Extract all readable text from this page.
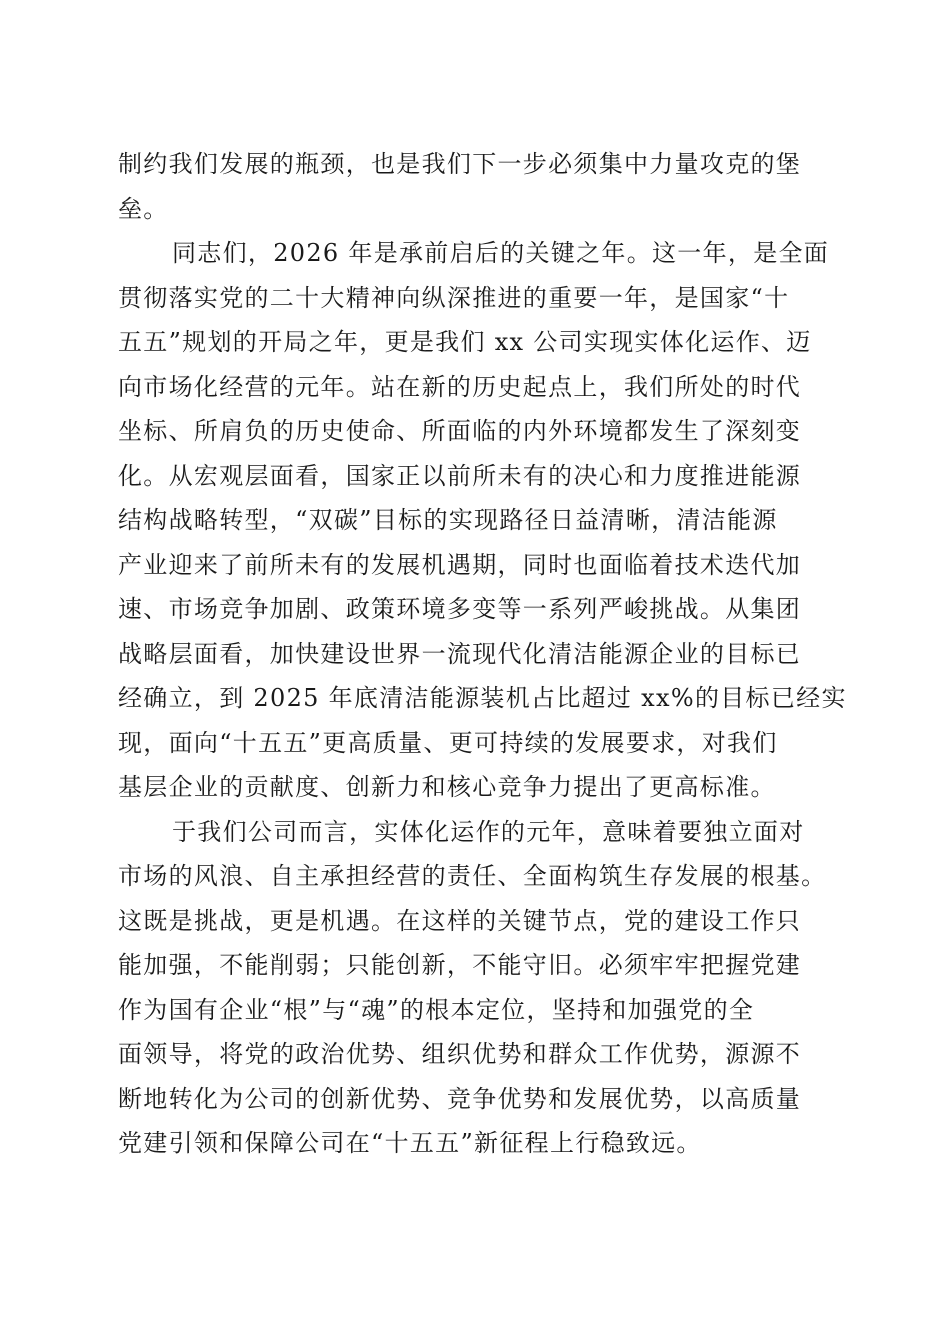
制约我们发展的瓶颈，也是我们下一步必须集中力量攻克的堡
垒。
同志们，2026 年是承前启后的关键之年。这一年，是全面
贯彻落实党的二十大精神向纵深推进的重要一年，是国家“十
五五”规划的开局之年，更是我们 xx 公司实现实体化运作、迈
向市场化经营的元年。站在新的历史起点上，我们所处的时代
坐标、所肩负的历史使命、所面临的内外环境都发生了深刻变
化。从宏观层面看，国家正以前所未有的决心和力度推进能源
结构战略转型，“双碳”目标的实现路径日益清晰，清洁能源
产业迎来了前所未有的发展机遇期，同时也面临着技术迭代加
速、市场竞争加剧、政策环境多变等一系列严峻挑战。从集团
战略层面看，加快建设世界一流现代化清洁能源企业的目标已
经确立，到 2025 年底清洁能源装机占比超过 xx%的目标已经实
现，面向“十五五”更高质量、更可持续的发展要求，对我们
基层企业的贡献度、创新力和核心竞争力提出了更高标准。
于我们公司而言，实体化运作的元年，意味着要独立面对
市场的风浪、自主承担经营的责任、全面构筑生存发展的根基。
这既是挑战，更是机遇。在这样的关键节点，党的建设工作只
能加强，不能削弱；只能创新，不能守旧。必须牢牢把握党建
作为国有企业“根”与“魂”的根本定位，坚持和加强党的全
面领导，将党的政治优势、组织优势和群众工作优势，源源不
断地转化为公司的创新优势、竞争优势和发展优势，以高质量
党建引领和保障公司在“十五五”新征程上行稳致远。
